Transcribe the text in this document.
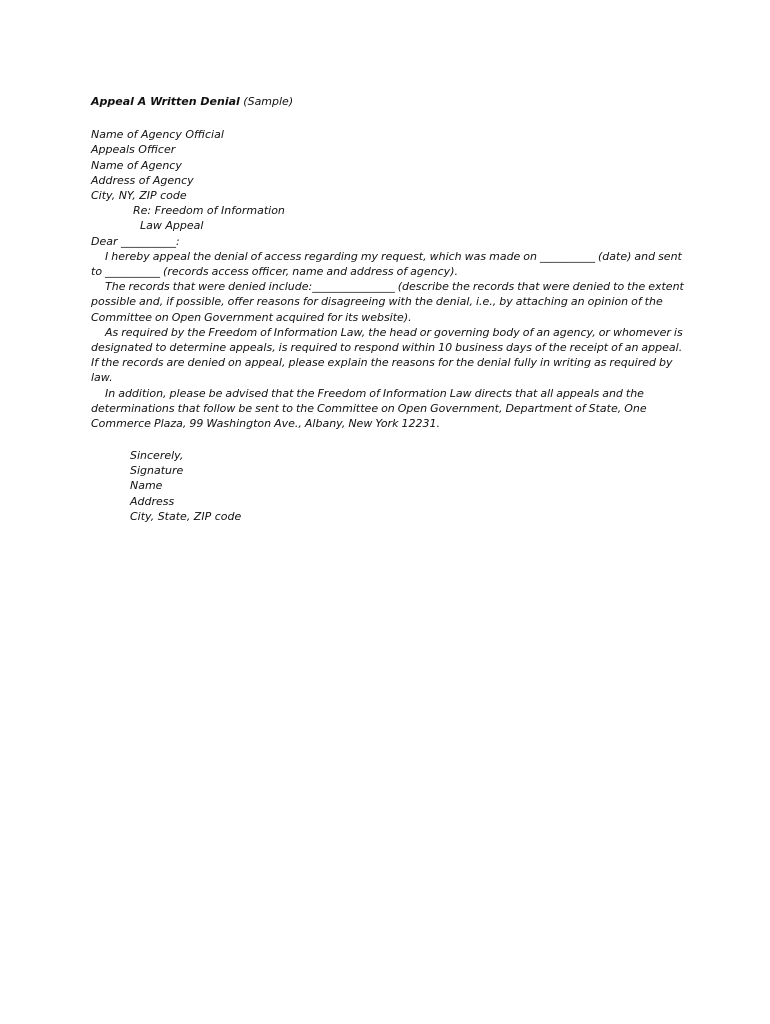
Appeal A Written Denial (Sample)
Name of Agency Official
Appeals Officer
Name of Agency
Address of Agency
City, NY, ZIP code
Re: Freedom of Information
Law Appeal
Dear __________:
I hereby appeal the denial of access regarding my request, which was made on __________ (date) and sent to __________ (records access officer, name and address of agency).
The records that were denied include:_______________ (describe the records that were denied to the extent possible and, if possible, offer reasons for disagreeing with the denial, i.e., by attaching an opinion of the Committee on Open Government acquired for its website).
As required by the Freedom of Information Law, the head or governing body of an agency, or whomever is designated to determine appeals, is required to respond within 10 business days of the receipt of an appeal. If the records are denied on appeal, please explain the reasons for the denial fully in writing as required by law.
In addition, please be advised that the Freedom of Information Law directs that all appeals and the determinations that follow be sent to the Committee on Open Government, Department of State, One Commerce Plaza, 99 Washington Ave., Albany, New York 12231.
Sincerely,
Signature
Name
Address
City, State, ZIP code
